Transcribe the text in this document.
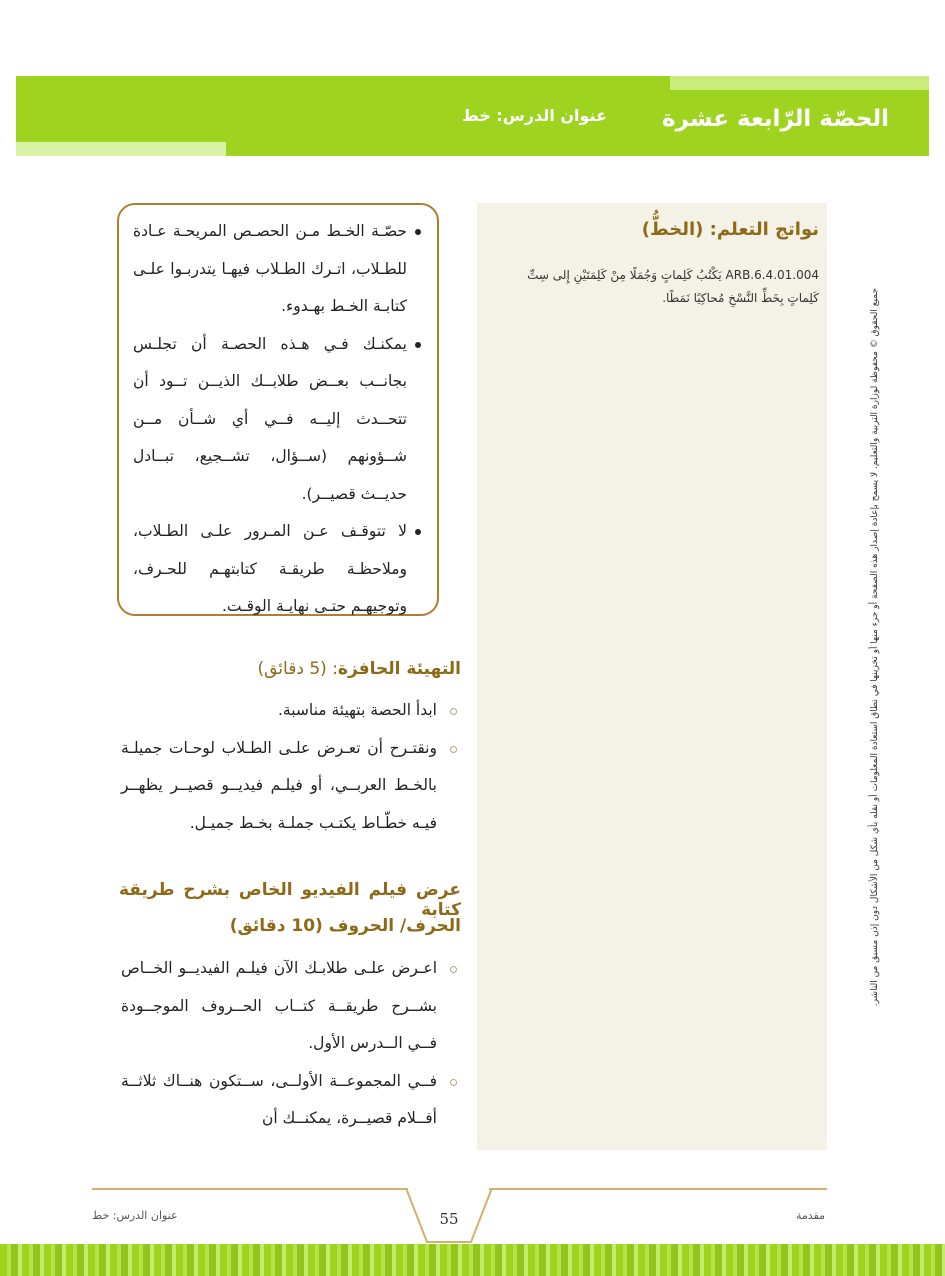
الحصّة الرّابعة عشرة
عنوان الدرس: خط
نواتج التعلم: (الخطُّ)
ARB.6.4.01.004 يَكْتُبُ كَلِماتٍ وَجُمَلًا مِنْ كَلِمَتَيْنِ إِلى سِتِّ كَلِماتٍ بِخَطِّ النَّسْخِ مُحاكِيًا نَمَطًا.	جميع الحقوق © محفوظة لوزارة التربية والتعليم. لا يسمح بإعادة إصدار هذه الصفحة أو جزء منها أو تخزينها في نطاق استعادة المعلومات أو نقله بأي شكل من الأشكال دون إذن مسبق من الناشر.
حصّـة الخـط مـن الحصـص المريحـة عـادة للطـلاب، اتـرك الطـلاب فيهـا يتدربـوا علـى كتابـة الخـط بهـدوء.
يمكنـك فـي هـذه الحصـة أن تجلـس بجانــب بعــض طلابــك الذيــن تــود أن تتحــدث إليــه فــي أي شــأن مــن شــؤونهم (ســؤال، تشــجيع، تبــادل حديــث قصيــر).
لا تتوقـف عـن المـرور علـى الطـلاب، وملاحظـة طريقـة كتابتهـم للحـرف، وتوجيهـم حتـى نهايـة الوقـت.
التهيئة الحافزة: (5 دقائق)
ابدأ الحصة بتهيئة مناسبة.
ونقتـرح أن تعـرض علـى الطـلاب لوحـات جميلـة بالخـط العربــي، أو فيلـم فيديــو قصيــر يظهــر فيـه خطّـاط يكتـب جملـة بخـط جميـل.
عرض فيلم الفيديو الخاص بشرح طريقة كتابة
الحرف/ الحروف (10 دقائق)
اعـرض علـى طلابـك الآن فيلـم الفيديــو الخــاص بشــرح طريقــة كتــاب الحــروف الموجــودة فــي الــدرس الأول.
فــي المجموعــة الأولــى، ســتكون هنــاك ثلاثــة أفــلام قصيــرة، يمكنــك أن
55
عنوان الدرس: خط	مقدمة
